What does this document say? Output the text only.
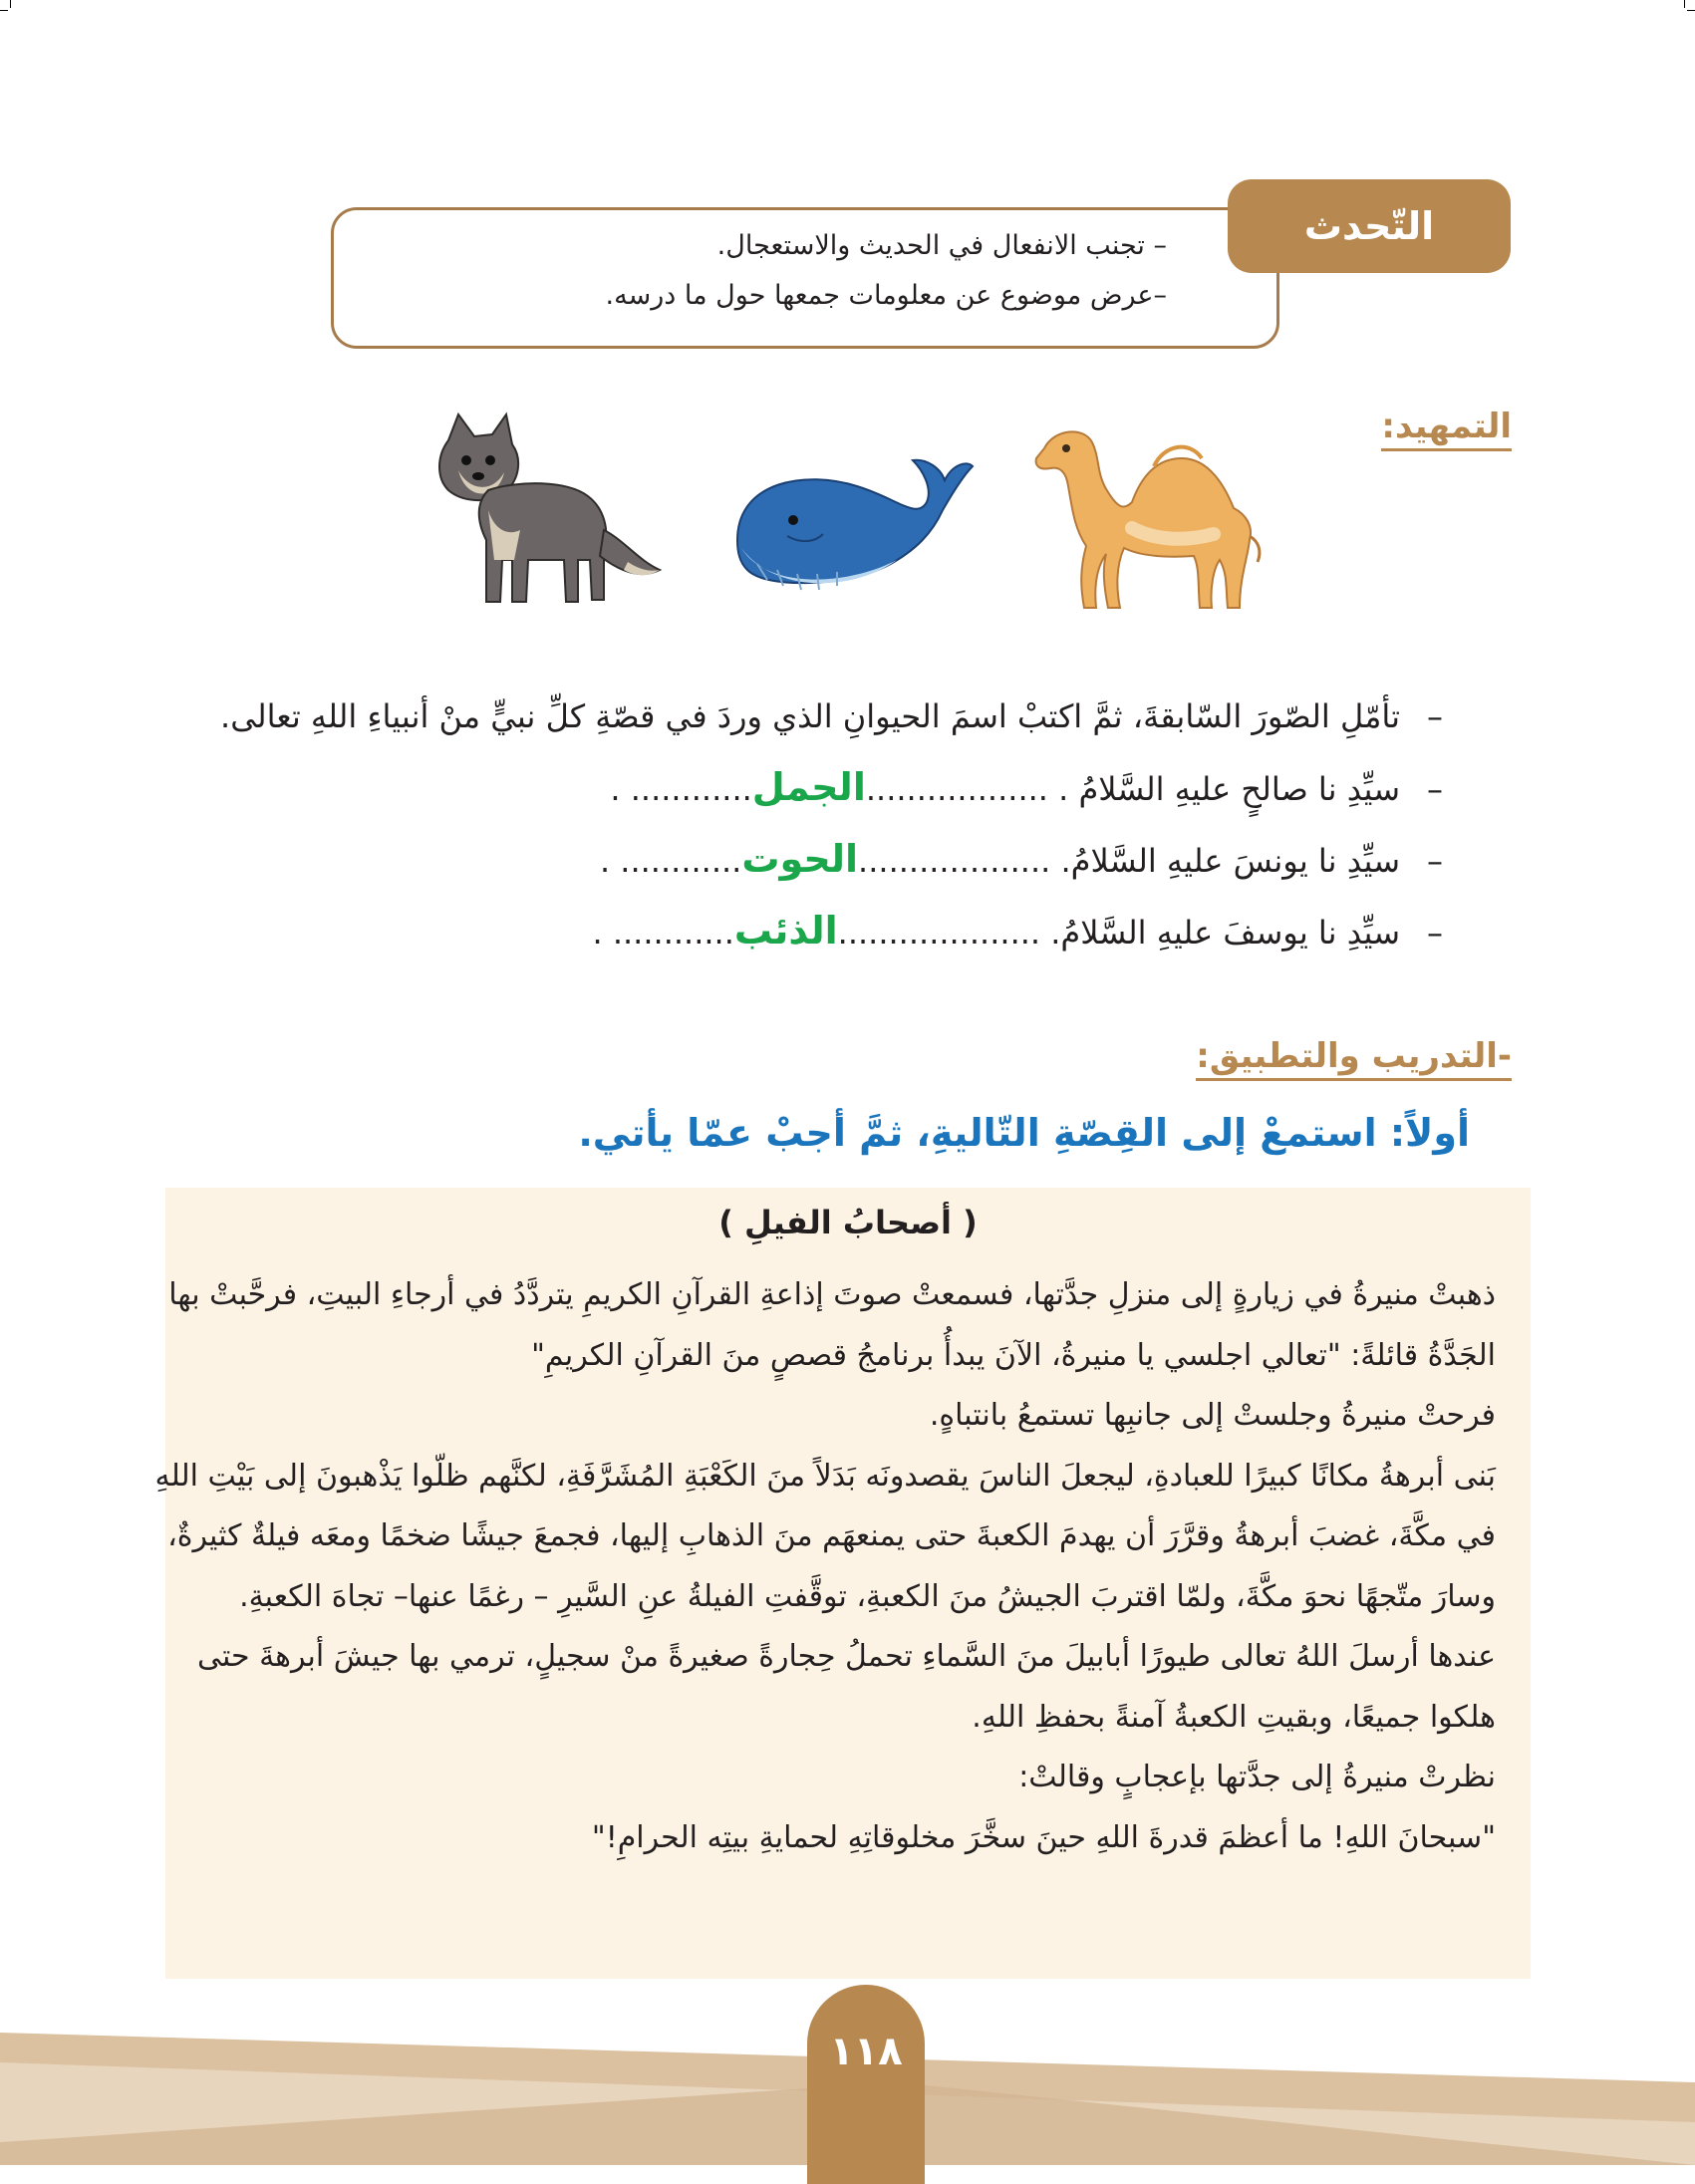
التّحدث
– تجنب الانفعال في الحديث والاستعجال.
–عرض موضوع عن معلومات جمعها حول ما درسه.
التمهيد:
–تأمّلِ الصّورَ السّابقةَ، ثمَّ اكتبْ اسمَ الحيوانِ الذي وردَ في قصّةِ كلِّ نبيٍّ منْ أنبياءِ اللهِ تعالى.
–سيِّدِ نا صالحٍ عليهِ السَّلامُ . ..................الجمل............ .
–سيِّدِ نا يونسَ عليهِ السَّلامُ. ...................الحوت............ .
–سيِّدِ نا يوسفَ عليهِ السَّلامُ. ....................الذئب............ .
-التدريب والتطبيق:
أولاً: استمعْ إلى القِصّةِ التّاليةِ، ثمَّ أجبْ عمّا يأتي.
( أصحابُ الفيلِ )

ذهبتْ منيرةُ في زيارةٍ إلى منزلِ جدَّتها، فسمعتْ صوتَ إذاعةِ القرآنِ الكريمِ يتردَّدُ في أرجاءِ البيتِ، فرحَّبتْ بها

الجَدَّةُ قائلةً: "تعالي اجلسي يا منيرةُ، الآنَ يبدأُ برنامجُ قصصٍ منَ القرآنِ الكريمِ"

فرحتْ منيرةُ وجلستْ إلى جانبِها تستمعُ بانتباهٍ.

بَنى أبرهةُ مكانًا كبيرًا للعبادةِ، ليجعلَ الناسَ يقصدونَه بَدَلاً منَ الكَعْبَةِ المُشَرَّفَةِ، لكنَّهم ظلّوا يَذْهبونَ إلى بَيْتِ اللهِ

في مكَّةَ، غضبَ أبرهةُ وقرَّرَ أن يهدمَ الكعبةَ حتى يمنعهَم منَ الذهابِ إليها، فجمعَ جيشًا ضخمًا ومعَه فيلةٌ كثيرةٌ،

وسارَ متّجهًا نحوَ مكَّةَ، ولمّا اقتربَ الجيشُ منَ الكعبةِ، توقَّفتِ الفيلةُ عنِ السَّيرِ – رغمًا عنها– تجاهَ الكعبةِ.

عندها أرسلَ اللهُ تعالى طيورًا أبابيلَ منَ السَّماءِ تحملُ حِجارةً صغيرةً منْ سجيلٍ، ترمي بها جيشَ أبرهةَ حتى

هلكوا جميعًا، وبقيتِ الكعبةُ آمنةً بحفظِ اللهِ.

نظرتْ منيرةُ إلى جدَّتها بإعجابٍ وقالتْ:

"سبحانَ اللهِ! ما أعظمَ قدرةَ اللهِ حينَ سخَّرَ مخلوقاتِهِ لحمايةِ بيتِه الحرامِ!"

١١٨
